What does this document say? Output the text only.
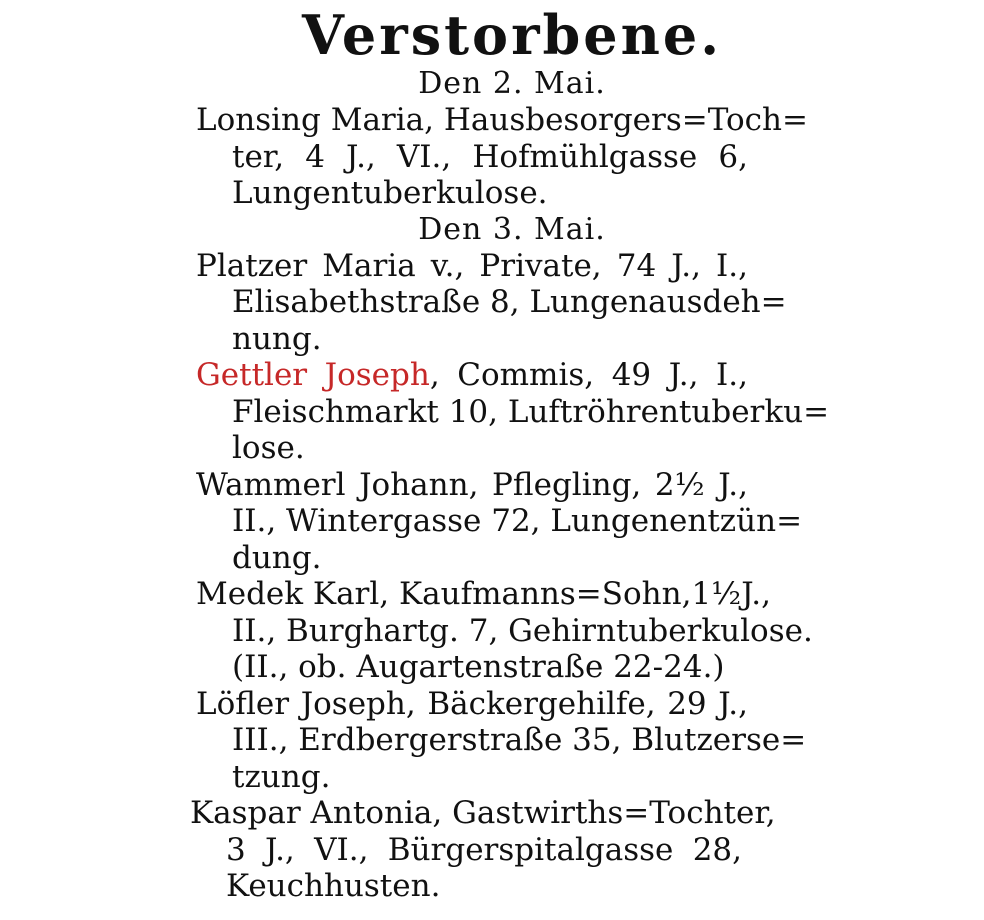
Verstorbene.
Den 2. Mai.
Lonsing Maria, Hausbesorgers=Toch=
ter, 4 J., VI., Hofmühlgasse 6,
Lungentuberkulose.
Den 3. Mai.
Platzer Maria v., Private, 74 J., I.,
Elisabethstraße 8, Lungenausdeh=
nung.
Gettler Joseph, Commis, 49 J., I.,
Fleischmarkt 10, Luftröhrentuberku=
lose.
Wammerl Johann, Pflegling, 2½ J.,
II., Wintergasse 72, Lungenentzün=
dung.
Medek Karl, Kaufmanns=Sohn,1½J.,
II., Burghartg. 7, Gehirntuberkulose.
(II., ob. Augartenstraße 22-24.)
Löfler Joseph, Bäckergehilfe, 29 J.,
III., Erdbergerstraße 35, Blutzerse=
tzung.
Kaspar Antonia, Gastwirths=Tochter,
3 J., VI., Bürgerspitalgasse 28,
Keuchhusten.
